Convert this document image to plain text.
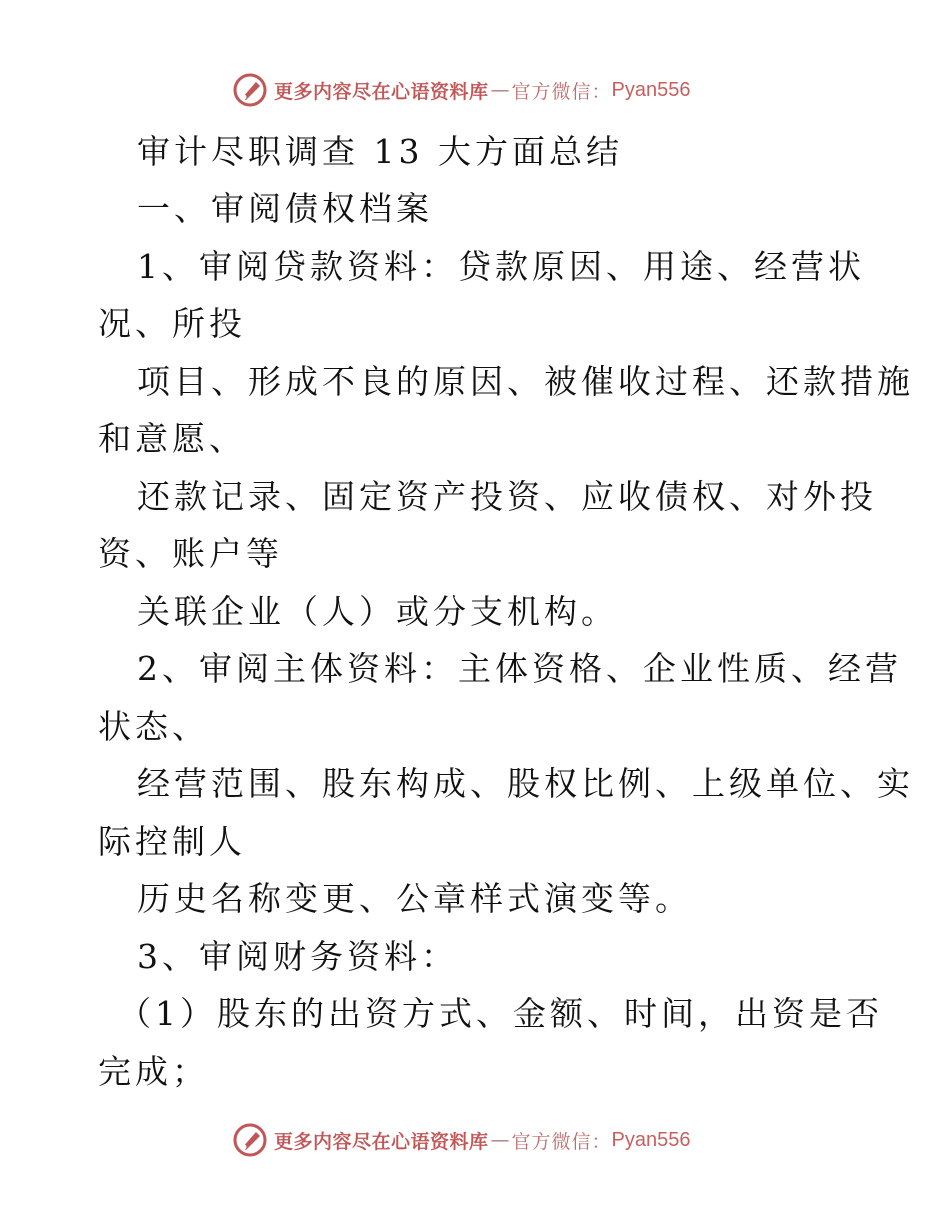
更多内容尽在心语资料库 — 官方微信： Pyan556
审计尽职调查 13 大方面总结
一、审阅债权档案
1、审阅贷款资料：贷款原因、用途、经营状
况、所投
项目、形成不良的原因、被催收过程、还款措施
和意愿、
还款记录、固定资产投资、应收债权、对外投
资、账户等
关联企业（人）或分支机构。
2、审阅主体资料：主体资格、企业性质、经营
状态、
经营范围、股东构成、股权比例、上级单位、实
际控制人
历史名称变更、公章样式演变等。
3、审阅财务资料：
（1）股东的出资方式、金额、时间，出资是否
完成；
更多内容尽在心语资料库 — 官方微信： Pyan556
